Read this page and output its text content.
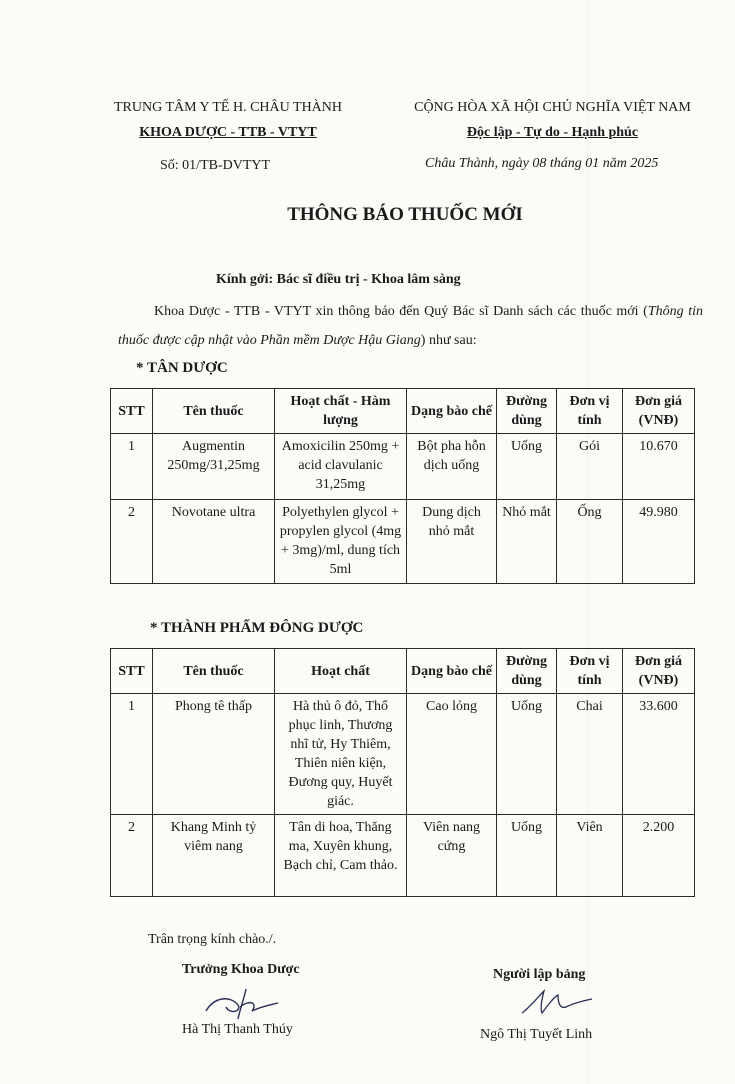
TRUNG TÂM Y TẾ H. CHÂU THÀNH
KHOA DƯỢC - TTB - VTYT
CỘNG HÒA XÃ HỘI CHỦ NGHĨA VIỆT NAM
Độc lập - Tự do - Hạnh phúc
Số: 01/TB-DVTYT	Châu Thành, ngày 08 tháng 01 năm 2025
THÔNG BÁO THUỐC MỚI
Kính gởi: Bác sĩ điều trị - Khoa lâm sàng
Khoa Dược - TTB - VTYT xin thông báo đến Quý Bác sĩ Danh sách các thuốc mới (Thông tin thuốc được cập nhật vào Phần mềm Dược Hậu Giang) như sau:
* TÂN DƯỢC
STT	Tên thuốc	Hoạt chất - Hàm lượng	Dạng bào chế	Đường dùng	Đơn vị tính	Đơn giá (VNĐ)
1	Augmentin 250mg/31,25mg	Amoxicilin 250mg + acid clavulanic 31,25mg	Bột pha hỗn dịch uống	Uống	Gói	10.670
2	Novotane ultra	Polyethylen glycol + propylen glycol (4mg + 3mg)/ml, dung tích 5ml	Dung dịch nhỏ mắt	Nhỏ mắt	Ống	49.980
* THÀNH PHẨM ĐÔNG DƯỢC
STT	Tên thuốc	Hoạt chất	Dạng bào chế	Đường dùng	Đơn vị tính	Đơn giá (VNĐ)
1	Phong tê thấp	Hà thủ ô đỏ, Thổ phục linh, Thương nhĩ tử, Hy Thiêm, Thiên niên kiện, Đương quy, Huyết giác.	Cao lỏng	Uống	Chai	33.600
2	Khang Minh tỷ viêm nang	Tân di hoa, Thăng ma, Xuyên khung, Bạch chỉ, Cam thảo.	Viên nang cứng	Uống	Viên	2.200
Trân trọng kính chào./.
Trưởng Khoa Dược
Hà Thị Thanh Thúy
Người lập bảng
Ngô Thị Tuyết Linh
